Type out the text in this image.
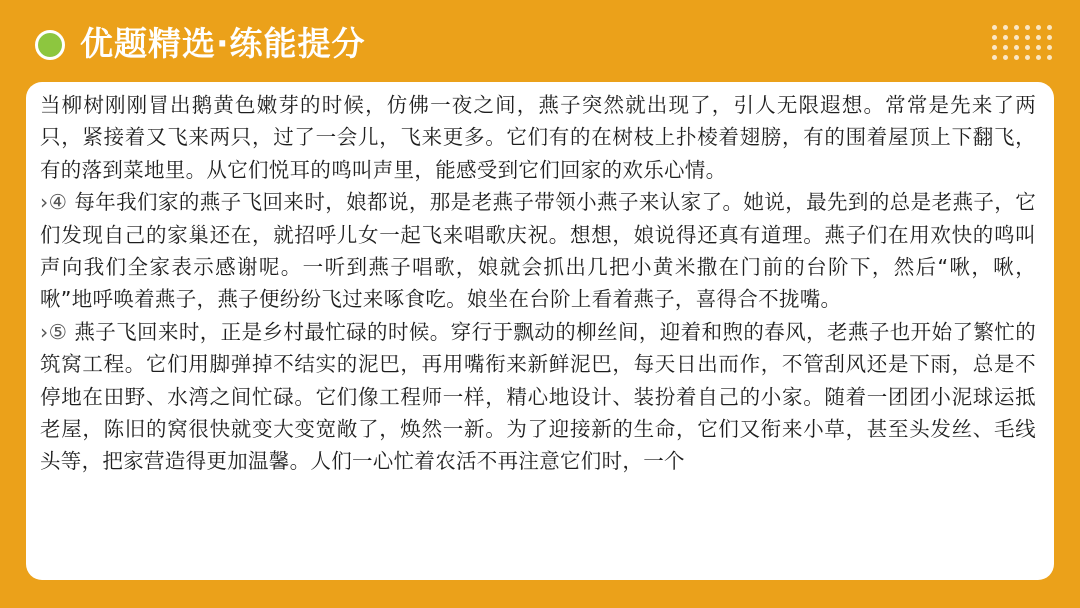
优题精选·练能提分

当柳树刚刚冒出鹅黄色嫩芽的时候，仿佛一夜之间，燕子突然就出现了，引人无限遐想。常常是先来了两只，紧接着又飞来两只，过了一会儿，飞来更多。它们有的在树枝上扑棱着翅膀，有的围着屋顶上下翻飞，有的落到菜地里。从它们悦耳的鸣叫声里，能感受到它们回家的欢乐心情。

›④ 每年我们家的燕子飞回来时，娘都说，那是老燕子带领小燕子来认家了。她说，最先到的总是老燕子，它们发现自己的家巢还在，就招呼儿女一起飞来唱歌庆祝。想想，娘说得还真有道理。燕子们在用欢快的鸣叫声向我们全家表示感谢呢。一听到燕子唱歌，娘就会抓出几把小黄米撒在门前的台阶下，然后“啾，啾，啾”地呼唤着燕子，燕子便纷纷飞过来啄食吃。娘坐在台阶上看着燕子，喜得合不拢嘴。

›⑤ 燕子飞回来时，正是乡村最忙碌的时候。穿行于飘动的柳丝间，迎着和煦的春风，老燕子也开始了繁忙的筑窝工程。它们用脚弹掉不结实的泥巴，再用嘴衔来新鲜泥巴，每天日出而作，不管刮风还是下雨，总是不停地在田野、水湾之间忙碌。它们像工程师一样，精心地设计、装扮着自己的小家。随着一团团小泥球运抵老屋，陈旧的窝很快就变大变宽敞了，焕然一新。为了迎接新的生命，它们又衔来小草，甚至头发丝、毛线头等，把家营造得更加温馨。人们一心忙着农活不再注意它们时，一个
